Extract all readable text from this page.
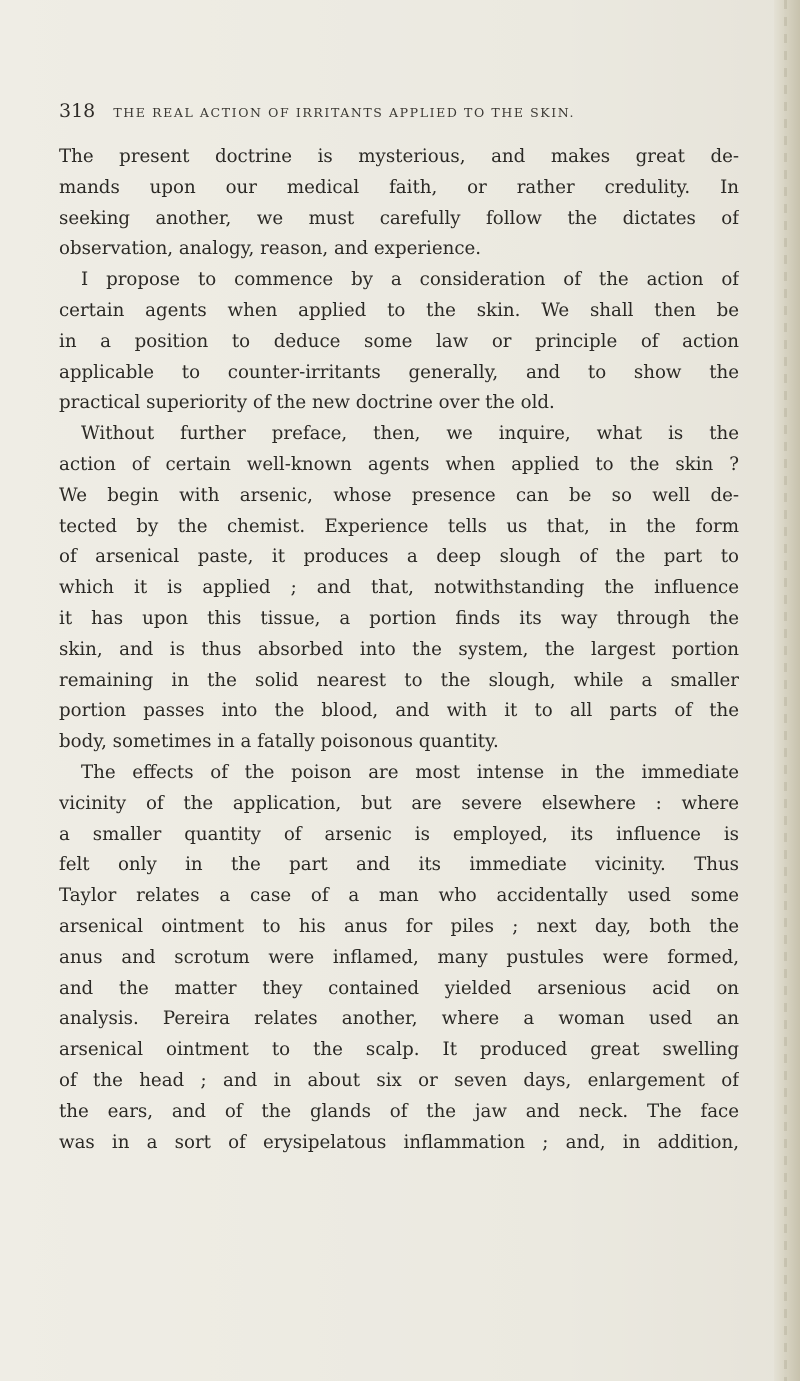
318 THE REAL ACTION OF IRRITANTS APPLIED TO THE SKIN.
The present doctrine is mysterious, and makes great de-
mands upon our medical faith, or rather credulity. In
seeking another, we must carefully follow the dictates of
observation, analogy, reason, and experience.
I propose to commence by a consideration of the action of
certain agents when applied to the skin. We shall then be
in a position to deduce some law or principle of action
applicable to counter-irritants generally, and to show the
practical superiority of the new doctrine over the old.
Without further preface, then, we inquire, what is the
action of certain well-known agents when applied to the skin ?
We begin with arsenic, whose presence can be so well de-
tected by the chemist. Experience tells us that, in the form
of arsenical paste, it produces a deep slough of the part to
which it is applied ; and that, notwithstanding the influence
it has upon this tissue, a portion finds its way through the
skin, and is thus absorbed into the system, the largest portion
remaining in the solid nearest to the slough, while a smaller
portion passes into the blood, and with it to all parts of the
body, sometimes in a fatally poisonous quantity.
The effects of the poison are most intense in the immediate
vicinity of the application, but are severe elsewhere : where
a smaller quantity of arsenic is employed, its influence is
felt only in the part and its immediate vicinity. Thus
Taylor relates a case of a man who accidentally used some
arsenical ointment to his anus for piles ; next day, both the
anus and scrotum were inflamed, many pustules were formed,
and the matter they contained yielded arsenious acid on
analysis. Pereira relates another, where a woman used an
arsenical ointment to the scalp. It produced great swelling
of the head ; and in about six or seven days, enlargement of
the ears, and of the glands of the jaw and neck. The face
was in a sort of erysipelatous inflammation ; and, in addition,
